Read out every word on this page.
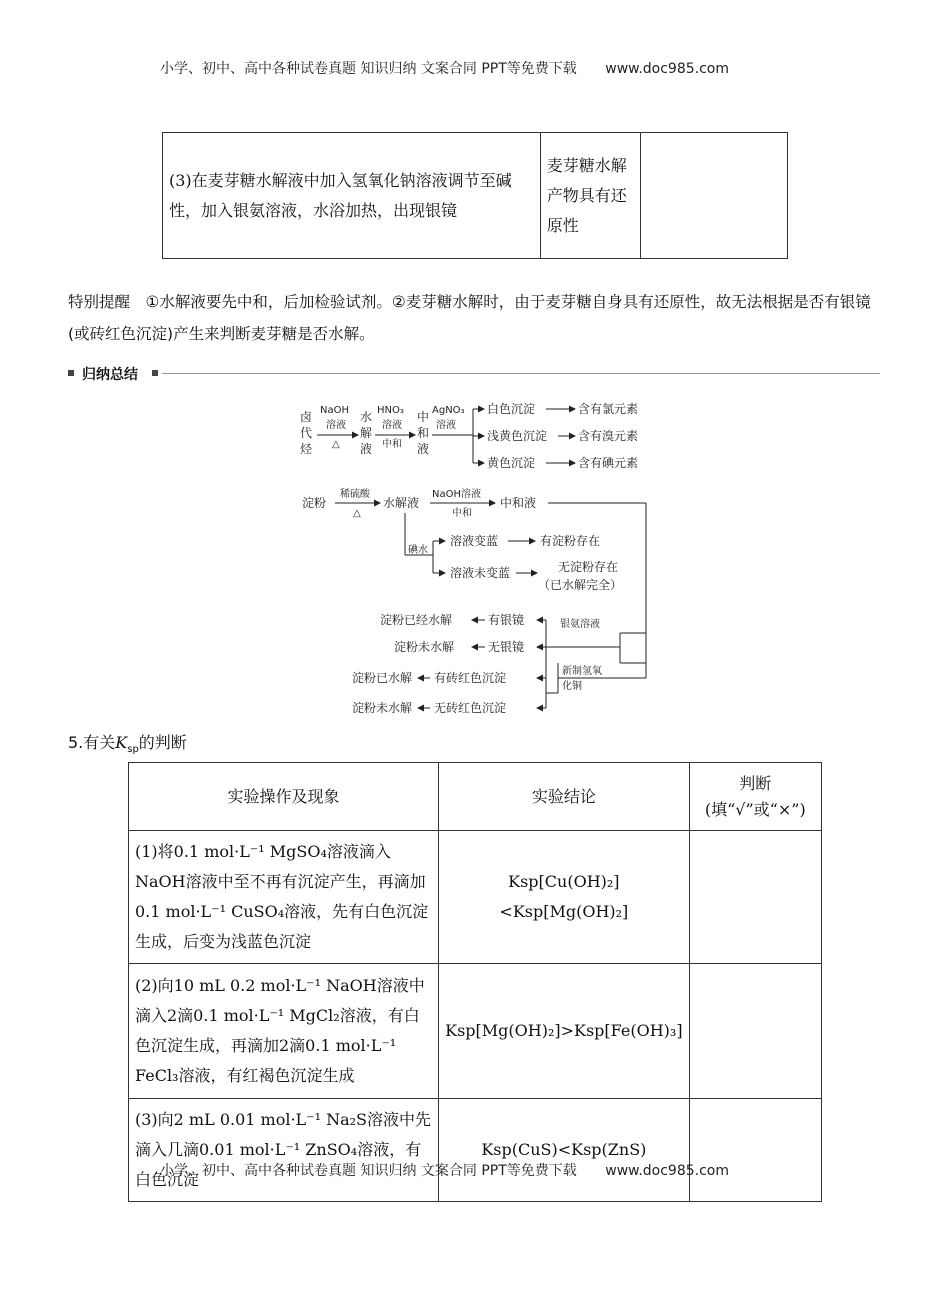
小学、初中、高中各种试卷真题 知识归纳 文案合同 PPT等免费下载 www.doc985.com
(3)在麦芽糖水解液中加入氢氧化钠溶液调节至碱性，加入银氨溶液，水浴加热，出现银镜	麦芽糖水解产物具有还原性	
特别提醒　①水解液要先中和，后加检验试剂。②麦芽糖水解时，由于麦芽糖自身具有还原性，故无法根据是否有银镜(或砖红色沉淀)产生来判断麦芽糖是否水解。
归纳总结
卤
代
烃
NaOH
溶液
△
水
解
液
HNO₃
溶液
中和
中
和
液
AgNO₃
溶液
白色沉淀
浅黄色沉淀
黄色沉淀
含有氯元素
含有溴元素
含有碘元素
淀粉
稀硫酸
△
水解液
NaOH溶液
中和
中和液
碘水
溶液变蓝	有淀粉存在
溶液未变蓝	无淀粉存在
（已水解完全）
银氨溶液
有银镜
淀粉已经水解
无银镜
淀粉未水解
新制氢氧
化铜
有砖红色沉淀
淀粉已水解
无砖红色沉淀
淀粉未水解
5.有关$K_{sp}$的判断
实验操作及现象	实验结论	判断(填“√”或“×”)
(1)将0.1 mol·L⁻¹ MgSO₄溶液滴入NaOH溶液中至不再有沉淀产生，再滴加0.1 mol·L⁻¹ CuSO₄溶液，先有白色沉淀生成，后变为浅蓝色沉淀	Ksp[Cu(OH)₂]<Ksp[Mg(OH)₂]	
(2)向10 mL 0.2 mol·L⁻¹ NaOH溶液中滴入2滴0.1 mol·L⁻¹ MgCl₂溶液，有白色沉淀生成，再滴加2滴0.1 mol·L⁻¹ FeCl₃溶液，有红褐色沉淀生成	Ksp[Mg(OH)₂]>Ksp[Fe(OH)₃]	
(3)向2 mL 0.01 mol·L⁻¹ Na₂S溶液中先滴入几滴0.01 mol·L⁻¹ ZnSO₄溶液，有白色沉淀	Ksp(CuS)<Ksp(ZnS)	
小学、初中、高中各种试卷真题 知识归纳 文案合同 PPT等免费下载 www.doc985.com
